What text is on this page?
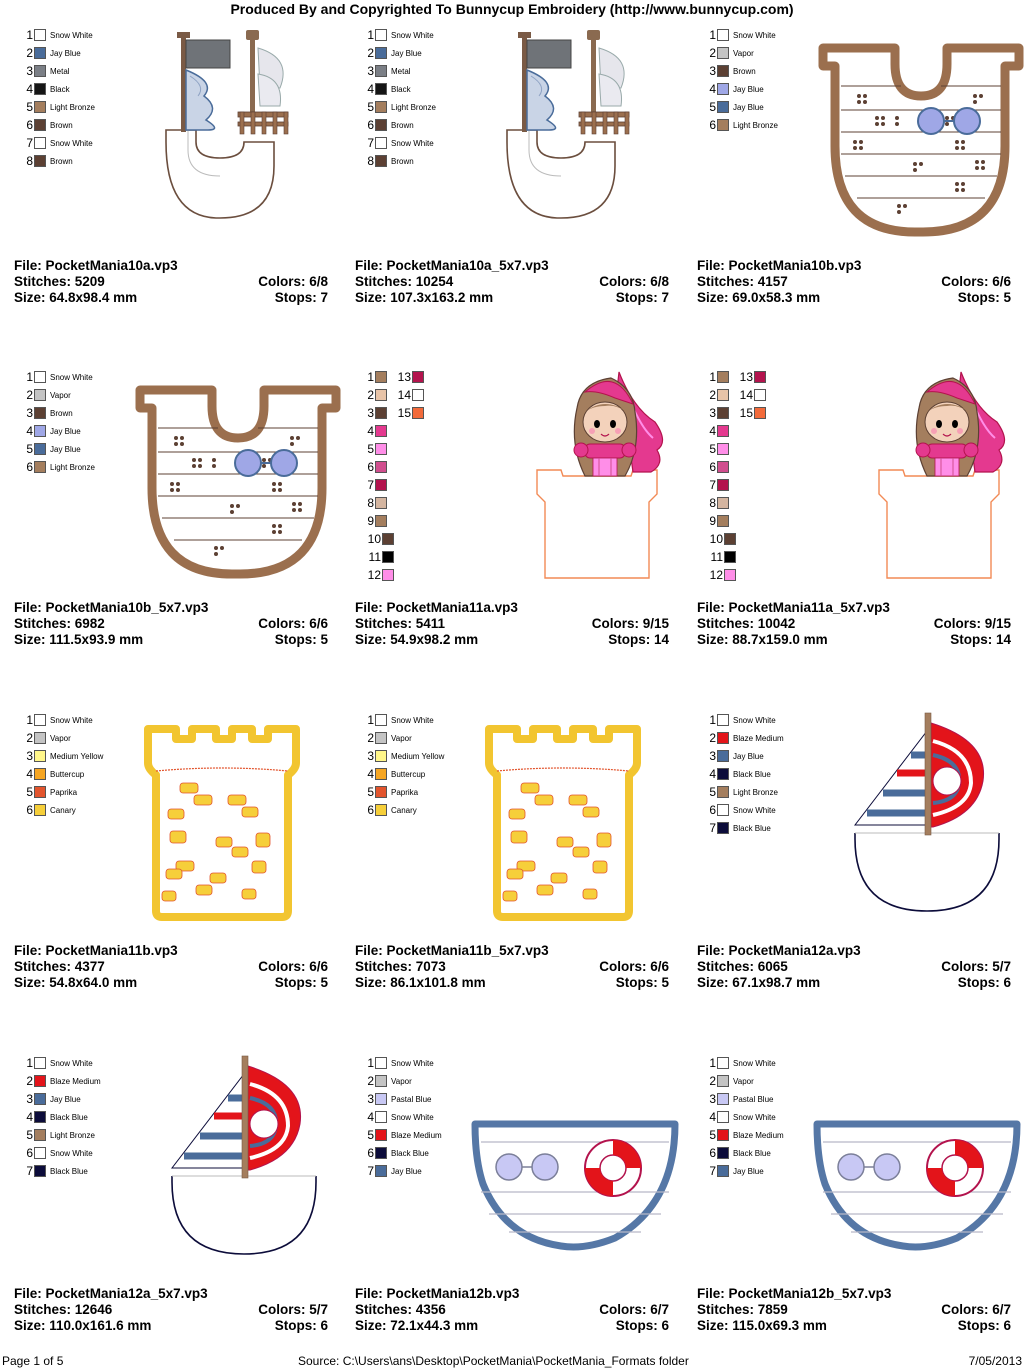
Produced By and Copyrighted To Bunnycup Embroidery (http://www.bunnycup.com)
1 Snow White
2 Jay Blue
3 Metal
4 Black
5 Light Bronze
6 Brown
7 Snow White
8 Brown
File: PocketMania10a.vp3
Stitches: 5209	Colors: 6/8
Size: 64.8x98.4 mm	Stops: 7
1 Snow White
2 Jay Blue
3 Metal
4 Black
5 Light Bronze
6 Brown
7 Snow White
8 Brown
File: PocketMania10a_5x7.vp3
Stitches: 10254	Colors: 6/8
Size: 107.3x163.2 mm	Stops: 7
1 Snow White
2 Vapor
3 Brown
4 Jay Blue
5 Jay Blue
6 Light Bronze
File: PocketMania10b.vp3
Stitches: 4157	Colors: 6/6
Size: 69.0x58.3 mm	Stops: 5
1 Snow White
2 Vapor
3 Brown
4 Jay Blue
5 Jay Blue
6 Light Bronze
File: PocketMania10b_5x7.vp3
Stitches: 6982	Colors: 6/6
Size: 111.5x93.9 mm	Stops: 5
1	13
2	14
3	15
4
5
6
7
8
9
10
11
12
File: PocketMania11a.vp3
Stitches: 5411	Colors: 9/15
Size: 54.9x98.2 mm	Stops: 14
1	13
2	14
3	15
4
5
6
7
8
9
10
11
12
File: PocketMania11a_5x7.vp3
Stitches: 10042	Colors: 9/15
Size: 88.7x159.0 mm	Stops: 14
1 Snow White
2 Vapor
3 Medium Yellow
4 Buttercup
5 Paprika
6 Canary
File: PocketMania11b.vp3
Stitches: 4377	Colors: 6/6
Size: 54.8x64.0 mm	Stops: 5
1 Snow White
2 Vapor
3 Medium Yellow
4 Buttercup
5 Paprika
6 Canary
File: PocketMania11b_5x7.vp3
Stitches: 7073	Colors: 6/6
Size: 86.1x101.8 mm	Stops: 5
1 Snow White
2 Blaze Medium
3 Jay Blue
4 Black Blue
5 Light Bronze
6 Snow White
7 Black Blue
File: PocketMania12a.vp3
Stitches: 6065	Colors: 5/7
Size: 67.1x98.7 mm	Stops: 6
1 Snow White
2 Blaze Medium
3 Jay Blue
4 Black Blue
5 Light Bronze
6 Snow White
7 Black Blue
File: PocketMania12a_5x7.vp3
Stitches: 12646	Colors: 5/7
Size: 110.0x161.6 mm	Stops: 6
1 Snow White
2 Vapor
3 Pastal Blue
4 Snow White
5 Blaze Medium
6 Black Blue
7 Jay Blue
File: PocketMania12b.vp3
Stitches: 4356	Colors: 6/7
Size: 72.1x44.3 mm	Stops: 6
1 Snow White
2 Vapor
3 Pastal Blue
4 Snow White
5 Blaze Medium
6 Black Blue
7 Jay Blue
File: PocketMania12b_5x7.vp3
Stitches: 7859	Colors: 6/7
Size: 115.0x69.3 mm	Stops: 6
Page 1 of 5	Source: C:\Users\ans\Desktop\PocketMania\PocketMania_Formats folder	7/05/2013
